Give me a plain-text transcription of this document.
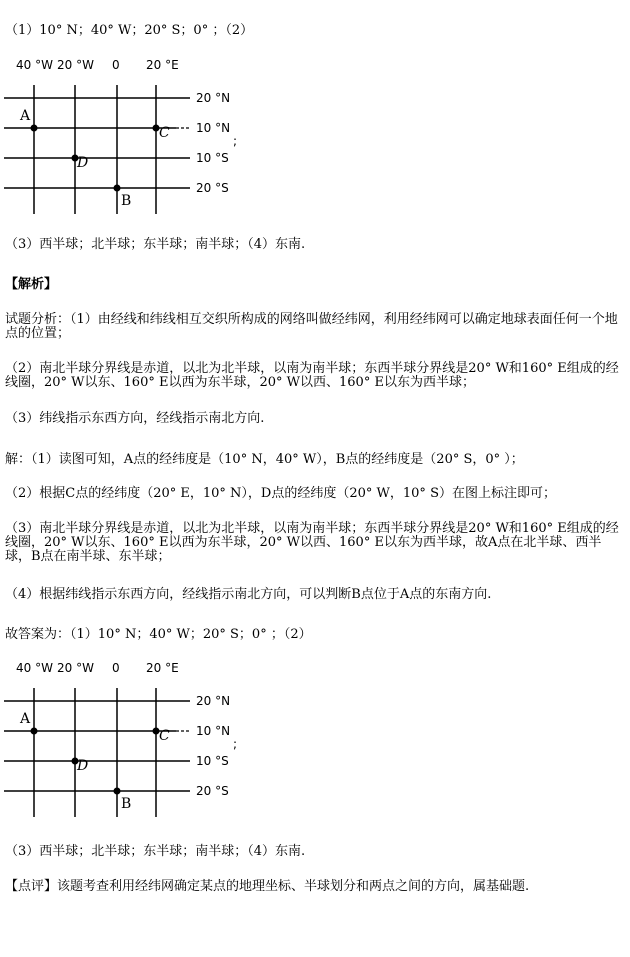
（1）10° N；40° W；20° S；0° ；（2）
40 °W 20 °W 0 20 °E
20 °N
10 °N
10 °S
20 °S
A
C
D
B
;
（3）西半球；北半球；东半球；南半球；（4）东南.
【解析】
试题分析：（1）由经线和纬线相互交织所构成的网络叫做经纬网，利用经纬网可以确定地球表面任何一个地点的位置；
（2）南北半球分界线是赤道，以北为北半球，以南为南半球；东西半球分界线是20° W和160° E组成的经线圈，20° W以东、160° E以西为东半球，20° W以西、160° E以东为西半球；
（3）纬线指示东西方向，经线指示南北方向.
解：（1）读图可知，A点的经纬度是（10° N，40° W），B点的经纬度是（20° S，0° ）；
（2）根据C点的经纬度（20° E，10° N），D点的经纬度（20° W，10° S）在图上标注即可；
（3）南北半球分界线是赤道，以北为北半球，以南为南半球；东西半球分界线是20° W和160° E组成的经线圈，20° W以东、160° E以西为东半球，20° W以西、160° E以东为西半球，故A点在北半球、西半球，B点在南半球、东半球；
（4）根据纬线指示东西方向，经线指示南北方向，可以判断B点位于A点的东南方向.
故答案为：（1）10° N；40° W；20° S；0° ；（2）
40 °W 20 °W 0 20 °E
20 °N
10 °N
10 °S
20 °S
A
C
D
B
;
（3）西半球；北半球；东半球；南半球；（4）东南.
【点评】该题考查利用经纬网确定某点的地理坐标、半球划分和两点之间的方向，属基础题.
